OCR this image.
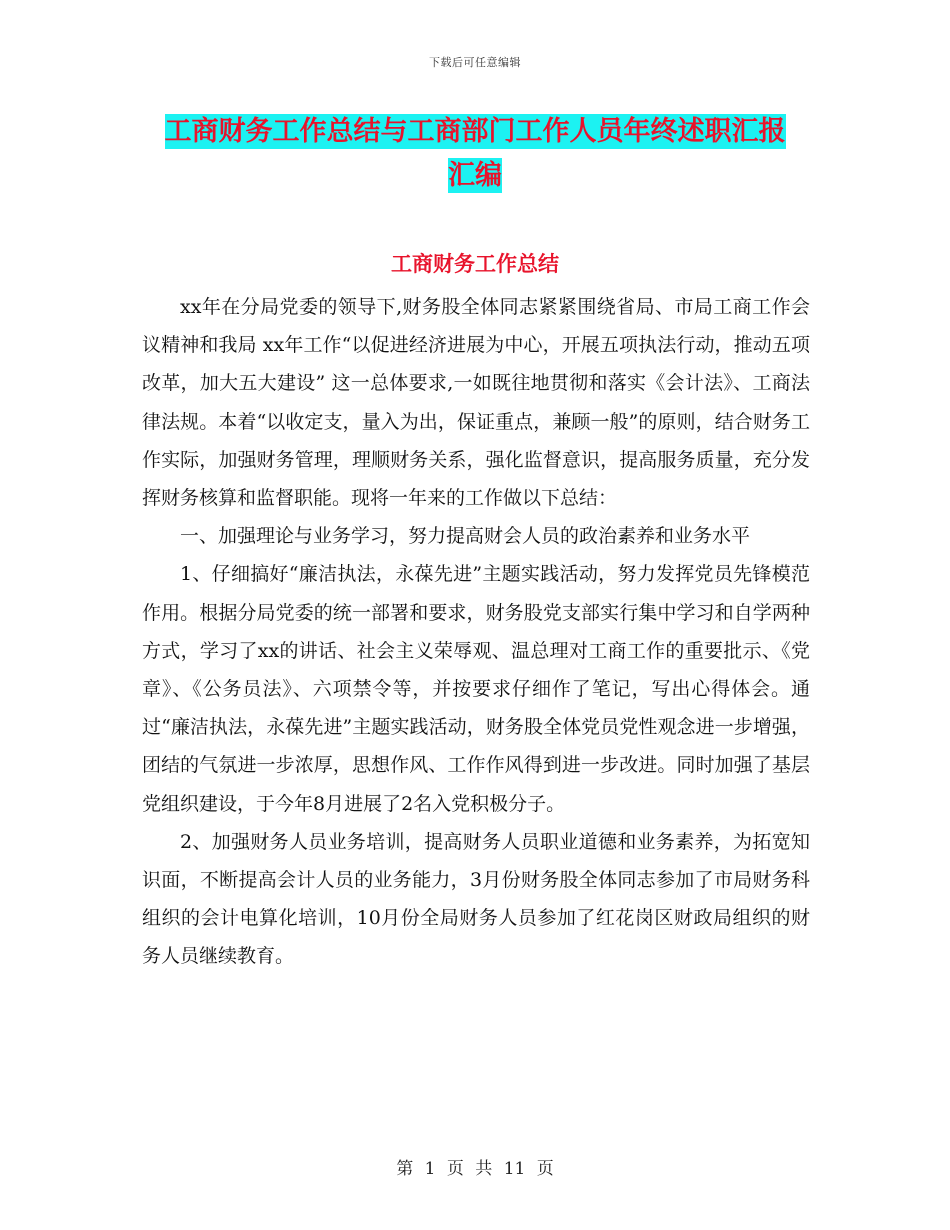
下载后可任意编辑
工商财务工作总结与工商部门工作人员年终述职汇报
汇编
工商财务工作总结

xx年在分局党委的领导下,财务股全体同志紧紧围绕省局、市局工商工作会议精神和我局 xx年工作“以促进经济进展为中心，开展五项执法行动，推动五项改革，加大五大建设” 这一总体要求,一如既往地贯彻和落实《会计法》、工商法律法规。本着“以收定支，量入为出，保证重点，兼顾一般”的原则，结合财务工作实际，加强财务管理，理顺财务关系，强化监督意识，提高服务质量，充分发挥财务核算和监督职能。现将一年来的工作做以下总结：

一、加强理论与业务学习，努力提高财会人员的政治素养和业务水平

1、仔细搞好“廉洁执法，永葆先进”主题实践活动，努力发挥党员先锋模范作用。根据分局党委的统一部署和要求，财务股党支部实行集中学习和自学两种方式，学习了xx的讲话、社会主义荣辱观、温总理对工商工作的重要批示、《党章》、《公务员法》、六项禁令等，并按要求仔细作了笔记，写出心得体会。通过“廉洁执法，永葆先进”主题实践活动，财务股全体党员党性观念进一步增强，团结的气氛进一步浓厚，思想作风、工作作风得到进一步改进。同时加强了基层党组织建设，于今年8月进展了2名入党积极分子。

2、加强财务人员业务培训，提高财务人员职业道德和业务素养，为拓宽知识面，不断提高会计人员的业务能力，3月份财务股全体同志参加了市局财务科组织的会计电算化培训，10月份全局财务人员参加了红花岗区财政局组织的财务人员继续教育。

第 1 页 共 11 页
